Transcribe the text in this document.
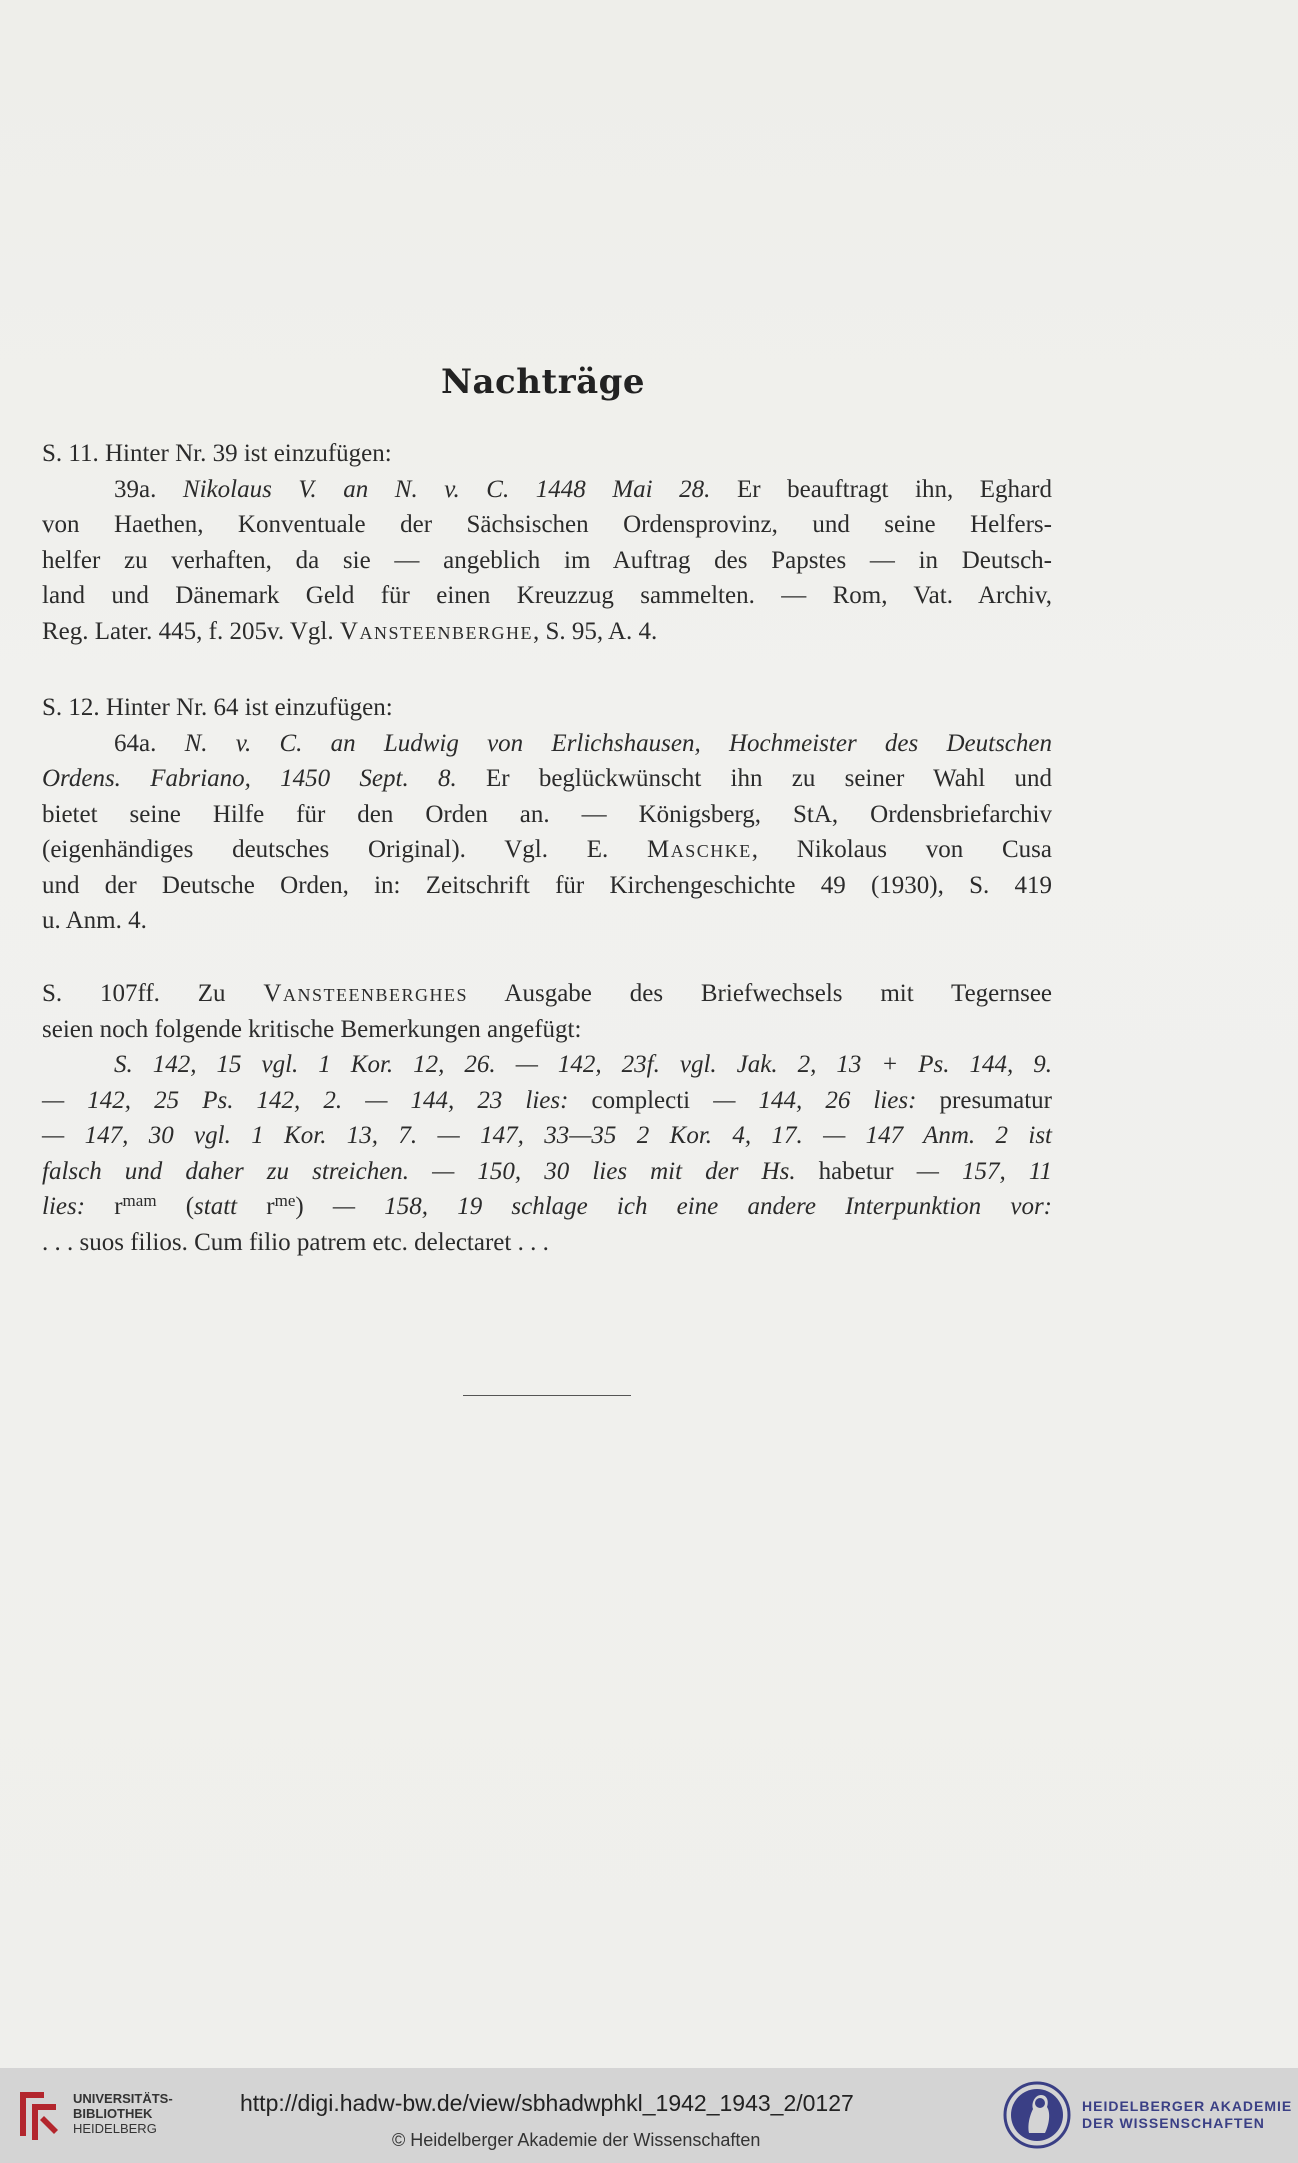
Nachträge

S. 11. Hinter Nr. 39 ist einzufügen:

39a. Nikolaus V. an N. v. C. 1448 Mai 28. Er beauftragt ihn, Eghard

von Haethen, Konventuale der Sächsischen Ordensprovinz, und seine Helfers-

helfer zu verhaften, da sie — angeblich im Auftrag des Papstes — in Deutsch-

land und Dänemark Geld für einen Kreuzzug sammelten. — Rom, Vat. Archiv,

Reg. Later. 445, f. 205v. Vgl. Vansteenberghe, S. 95, A. 4.

S. 12. Hinter Nr. 64 ist einzufügen:

64a. N. v. C. an Ludwig von Erlichshausen, Hochmeister des Deutschen

Ordens. Fabriano, 1450 Sept. 8. Er beglückwünscht ihn zu seiner Wahl und

bietet seine Hilfe für den Orden an. — Königsberg, StA, Ordensbriefarchiv

(eigenhändiges deutsches Original). Vgl. E. Maschke, Nikolaus von Cusa

und der Deutsche Orden, in: Zeitschrift für Kirchengeschichte 49 (1930), S. 419

u. Anm. 4.

S. 107ff. Zu Vansteenberghes Ausgabe des Briefwechsels mit Tegernsee

seien noch folgende kritische Bemerkungen angefügt:

S. 142, 15 vgl. 1 Kor. 12, 26. — 142, 23f. vgl. Jak. 2, 13 + Ps. 144, 9.

— 142, 25 Ps. 142, 2. — 144, 23 lies: complecti — 144, 26 lies: presumatur

— 147, 30 vgl. 1 Kor. 13, 7. — 147, 33—35 2 Kor. 4, 17. — 147 Anm. 2 ist

falsch und daher zu streichen. — 150, 30 lies mit der Hs. habetur — 157, 11

lies: $r^{mam}$ (statt $r^{me}$) — 158, 19 schlage ich eine andere Interpunktion vor:

. . . suos filios. Cum filio patrem etc. delectaret . . .

UNIVERSITÄTS-
BIBLIOTHEK
HEIDELBERG
http://digi.hadw-bw.de/view/sbhadwphkl_1942_1943_2/0127
© Heidelberger Akademie der Wissenschaften
HEIDELBERGER AKADEMIE
DER WISSENSCHAFTEN
